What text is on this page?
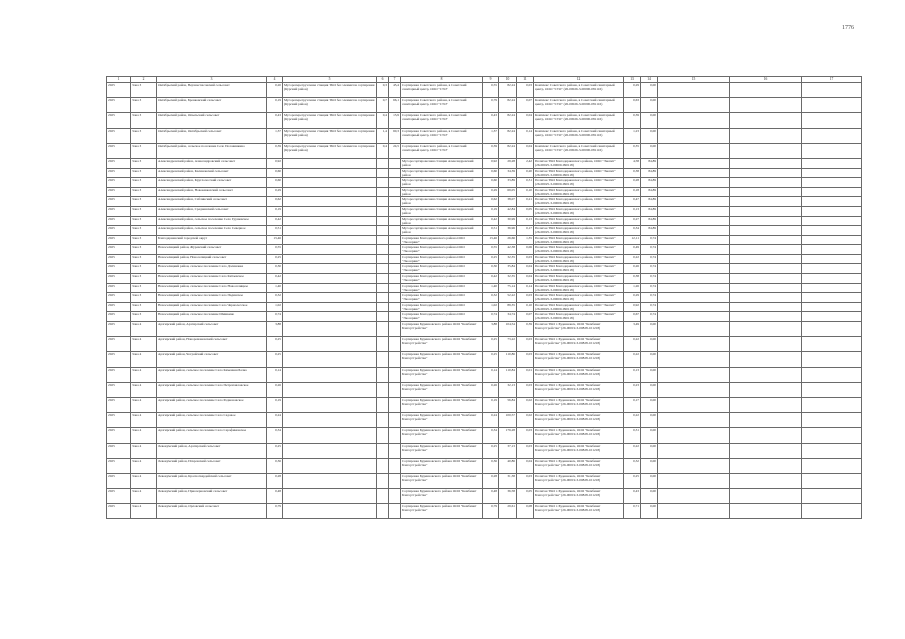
1776
1	2	3	4	5	6	7	8	9	10	11	12	13	14	15	16	17
2025	Зона 3	Октябрьский район, Верхнеспасовский сельсовет	0,20	Мусороперегрузочная станция ТКО без элементов сортировки (Курский район)	0,3	45,4	Сортировка Советского района, в Советский санитарный центр, ООО "СТО"	0,55	82,24	0,03	Комплекс Советского района, в Советский санитарный центр, ООО "СТО" (26-00026-З-00000-081116)	0,29	0,00			
2025	Зона 3	Октябрьский район, Бровковский сельсовет	0,19	Мусороперегрузочная станция ТКО без элементов сортировки (Курский район)	0,7	66,1	Сортировка Советского района, в Советский санитарный центр, ООО "СТО"	0,79	82,24	0,07	Комплекс Советского района, в Советский санитарный центр, ООО "СТО" (26-00026-З-00000-081116)	0,63	0,00			
2025	Зона 3	Октябрьский район, Опыльский сельсовет	0,43	Мусороперегрузочная станция ТКО без элементов сортировки (Курский район)	0,4	13,9	Сортировка Советского района, в Советский санитарный центр, ООО "СТО"	0,43	82,24	0,04	Комплекс Советского района, в Советский санитарный центр, ООО "СТО" (26-00026-З-00000-081116)	0,39	0,00			
2025	Зона 3	Октябрьский район, Октябрьский сельсовет	1,37	Мусороперегрузочная станция ТКО без элементов сортировки (Курский район)	1,4	60,3	Сортировка Советского района, в Советский санитарный центр, ООО "СТО"	1,37	82,24	0,14	Комплекс Советского района, в Советский санитарный центр, ООО "СТО" (26-00026-З-00000-081116)	1,23	0,00			
2025	Зона 3	Октябрьский район, сельское поселение Село Половинкино	0,39	Мусороперегрузочная станция ТКО без элементов сортировки (Курский район)	0,4	24,5	Сортировка Советского района, в Советский санитарный центр, ООО "СТО"	0,39	82,24	0,04	Комплекс Советского района, в Советский санитарный центр, ООО "СТО" (26-00026-З-00000-081116)	0,35	0,00			
2025	Зона 3	Александровский район, Александровский сельсовет	0,92				Мусоросортировочная станция Александровский район	0,92	29,28	2,42	Полигон ТКО Благодарненского района, ООО "Экопит" (26-00025-З-00000-090118)	4,58	84,89			
2025	Зона 3	Александровский район, Калиновский сельсовет	0,60				Мусоросортировочная станция Александровский район	0,60	34,39	0,20	Полигон ТКО Благодарненского района, ООО "Экопит" (26-00025-З-00000-090118)	0,38	84,89			
2025	Зона 3	Александровский район, Круглолесский сельсовет	0,60				Мусоросортировочная станция Александровский район	0,60	33,89	0,31	Полигон ТКО Благодарненского района, ООО "Экопит" (26-00025-З-00000-090118)	0,28	84,89			
2025	Зона 3	Александровский район, Новокавказский сельсовет	0,29				Мусоросортировочная станция Александровский район	0,29	69,05	0,10	Полигон ТКО Благодарненского района, ООО "Экопит" (26-00025-З-00000-090118)	0,18	84,89			
2025	Зона 3	Александровский район, Саблинский сельсовет	0,62				Мусоросортировочная станция Александровский район	0,62	38,07	0,21	Полигон ТКО Благодарненского района, ООО "Экопит" (26-00025-З-00000-090118)	0,47	84,89			
2025	Зона 3	Александровский район, Средненский сельсовет	0,19				Мусоросортировочная станция Александровский район	0,19	42,84	0,05	Полигон ТКО Благодарненского района, ООО "Экопит" (26-00025-З-00000-090118)	0,13	84,89			
2025	Зона 3	Александровский район, сельское поселение Село Грушевское	0,42				Мусоросортировочная станция Александровский район	0,42	30,99	0,13	Полигон ТКО Благодарненского района, ООО "Экопит" (26-00025-З-00000-090118)	0,27	84,89			
2025	Зона 3	Александровский район, сельское поселение Село Северное	0,51				Мусоросортировочная станция Александровский район	0,51	36,96	0,17	Полигон ТКО Благодарненского района, ООО "Экопит" (26-00025-З-00000-090118)	0,34	84,89			
2025	Зона 3	Благодарненский городской округ	13,46				Сортировка Благодарненского района ООО "Экосервис"	13,46	26,66	1,35	Полигон ТКО Благодарненского района, ООО "Экопит" (26-00025-З-00000-090118)	12,11	0,74			
2025	Зона 3	Новоселицкий район, Журавский сельсовет	0,55				Сортировка Благодарненского района ООО "Экосервис"	0,55	42,38	0,06	Полигон ТКО Благодарненского района, ООО "Экопит" (26-00025-З-00000-090118)	0,49	0,74			
2025	Зона 3	Новоселицкий район, Новоселицкий сельсовет	0,25				Сортировка Благодарненского района ООО "Экосервис"	0,25	32,35	0,03	Полигон ТКО Благодарненского района, ООО "Экопит" (26-00025-З-00000-090118)	0,22	0,74			
2025	Зона 3	Новоселицкий район, сельское поселение Село Долиновка	0,30				Сортировка Благодарненского района ООО "Экосервис"	0,30	35,84	0,04	Полигон ТКО Благодарненского района, ООО "Экопит" (26-00025-З-00000-090118)	0,26	0,74			
2025	Зона 3	Новоселицкий район, сельское поселение Село Китаевское	0,42				Сортировка Благодарненского района ООО "Экосервис"	0,42	32,35	0,04	Полигон ТКО Благодарненского района, ООО "Экопит" (26-00025-З-00000-090118)	0,38	0,74			
2025	Зона 3	Новоселицкий район, сельское поселение Село Новоселицкое	1,40				Сортировка Благодарненского района ООО "Экосервис"	1,40	75,14	0,14	Полигон ТКО Благодарненского района, ООО "Экопит" (26-00025-З-00000-090118)	1,26	0,74			
2025	Зона 3	Новоселицкий район, сельское поселение Село Падинское	0,32				Сортировка Благодарненского района ООО "Экосервис"	0,32	52,22	0,03	Полигон ТКО Благодарненского района, ООО "Экопит" (26-00025-З-00000-090118)	0,29	0,74			
2025	Зона 3	Новоселицкий район, сельское поселение Село Чернолесское	1,02				Сортировка Благодарненского района ООО "Экосервис"	1,02	89,35	0,10	Полигон ТКО Благодарненского района, ООО "Экопит" (26-00025-З-00000-090118)	0,92	0,74			
2025	Зона 3	Новоселицкий район, сельское поселение Шишкино	0,74				Сортировка Благодарненского района ООО "Экосервис"	0,74	34,74	0,07	Полигон ТКО Благодарненского района, ООО "Экопит" (26-00025-З-00000-090118)	0,67	0,74			
2025	Зона 4	Арзгирский район, Арзгирский сельсовет	3,88				Сортировка Буденновского района ООО "Комбинат Благоустройства"	3,88	104,54	0,39	Полигон ТКО г. Буденновск, ООО "Комбинат Благоустройства" (26-00019-З-00828-101218)	3,49	0,00			
2025	Зона 4	Арзгирский район, Новоромановский сельсовет	0,25				Сортировка Буденновского района ООО "Комбинат Благоустройства"	0,25	73,22	0,03	Полигон ТКО г. Буденновск, ООО "Комбинат Благоустройства" (26-00019-З-00828-101218)	0,22	0,00			
2025	Зона 4	Арзгирский район, Чограйский сельсовет	0,25				Сортировка Буденновского района ООО "Комбинат Благоустройства"	0,25	110,86	0,03	Полигон ТКО г. Буденновск, ООО "Комбинат Благоустройства" (26-00019-З-00828-101218)	0,22	0,00			
2025	Зона 4	Арзгирский район, сельское поселение Село Каменная Балка	0,14				Сортировка Буденновского района ООО "Комбинат Благоустройства"	0,14	110,84	0,01	Полигон ТКО г. Буденновск, ООО "Комбинат Благоустройства" (26-00019-З-00828-101218)	0,13	0,00			
2025	Зона 4	Арзгирский район, сельское поселение Село Петропавловское	0,26				Сортировка Буденновского района ООО "Комбинат Благоустройства"	0,26	32,13	0,03	Полигон ТКО г. Буденновск, ООО "Комбинат Благоустройства" (26-00019-З-00828-101218)	0,23	0,00			
2025	Зона 4	Арзгирский район, сельское поселение Село Родионовское	0,19				Сортировка Буденновского района ООО "Комбинат Благоустройства"	0,19	56,84	0,02	Полигон ТКО г. Буденновск, ООО "Комбинат Благоустройства" (26-00019-З-00828-101218)	0,17	0,00			
2025	Зона 4	Арзгирский район, сельское поселение Село Садовое	0,24				Сортировка Буденновского района ООО "Комбинат Благоустройства"	0,24	100,57	0,02	Полигон ТКО г. Буденновск, ООО "Комбинат Благоустройства" (26-00019-З-00828-101218)	0,22	0,00			
2025	Зона 4	Арзгирский район, сельское поселение Село Серафимовское	0,34				Сортировка Буденновского района ООО "Комбинат Благоустройства"	0,34	176,28	0,03	Полигон ТКО г. Буденновск, ООО "Комбинат Благоустройства" (26-00019-З-00828-101218)	0,31	0,00			
2025	Зона 4	Левокумский район, Арзгирский сельсовет	0,25				Сортировка Буденновского района ООО "Комбинат Благоустройства"	0,25	37,13	0,03	Полигон ТКО г. Буденновск, ООО "Комбинат Благоустройства" (26-00019-З-00828-101218)	0,22	0,00			
2025	Зона 4	Левокумский район, Искровский сельсовет	0,36				Сортировка Буденновского района ООО "Комбинат Благоустройства"	0,36	40,86	0,04	Полигон ТКО г. Буденновск, ООО "Комбинат Благоустройства" (26-00019-З-00828-101218)	0,32	0,00			
2025	Зона 4	Левокумский район, Красногвардейский сельсовет	0,28				Сортировка Буденновского района ООО "Комбинат Благоустройства"	0,28	31,38	0,03	Полигон ТКО г. Буденновск, ООО "Комбинат Благоустройства" (26-00019-З-00828-101218)	0,25	0,00			
2025	Зона 4	Левокумский район, Приозерновский сельсовет	0,48				Сортировка Буденновского района ООО "Комбинат Благоустройства"	0,48	36,58	0,05	Полигон ТКО г. Буденновск, ООО "Комбинат Благоустройства" (26-00019-З-00828-101218)	0,43	0,00			
2025	Зона 4	Левокумский район, Орловский сельсовет	0,79				Сортировка Буденновского района ООО "Комбинат Благоустройства"	0,79	29,61	0,08	Полигон ТКО г. Буденновск, ООО "Комбинат Благоустройства" (26-00019-З-00828-101218)	0,71	0,00			
